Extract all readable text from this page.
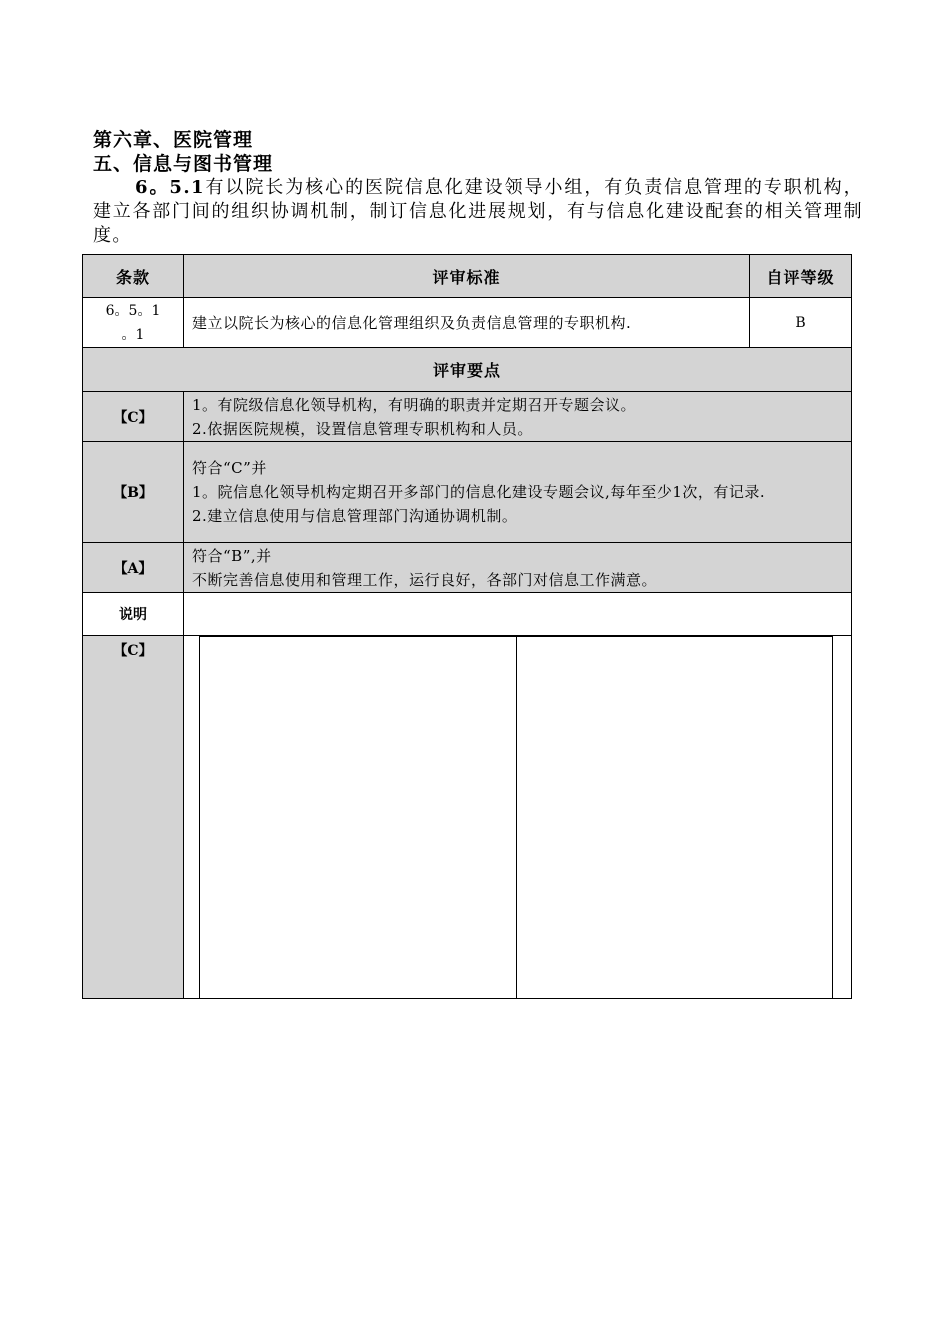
第六章、医院管理
五、信息与图书管理

6。5.1有以院长为核心的医院信息化建设领导小组，有负责信息管理的专职机构，建立各部门间的组织协调机制，制订信息化进展规划，有与信息化建设配套的相关管理制度。

条款	评审标准	自评等级

6。5。1
。1	建立以院长为核心的信息化管理组织及负责信息管理的专职机构.	B
评审要点		
【C】	1。有院级信息化领导机构，有明确的职责并定期召开专题会议。
2.依据医院规模，设置信息管理专职机构和人员。	

【B】	符合“C”并
1。院信息化领导机构定期召开多部门的信息化建设专题会议,每年至少1次，有记录.
2.建立信息使用与信息管理部门沟通协调机制。	

【A】	符合“B”,并
不断完善信息使用和管理工作，运行良好，各部门对信息工作满意。	

说明		
【C】		
